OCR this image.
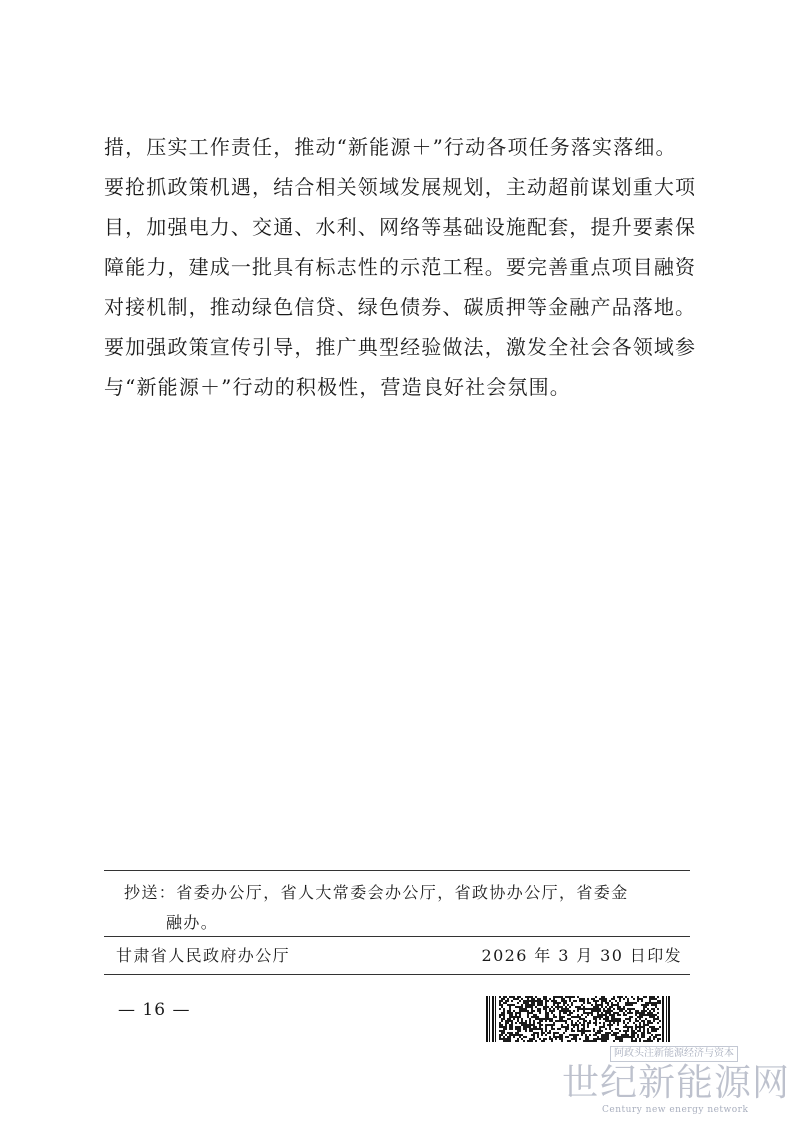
措，压实工作责任，推动“新能源＋”行动各项任务落实落细。
要抢抓政策机遇，结合相关领域发展规划，主动超前谋划重大项
目，加强电力、交通、水利、网络等基础设施配套，提升要素保
障能力，建成一批具有标志性的示范工程。要完善重点项目融资
对接机制，推动绿色信贷、绿色债券、碳质押等金融产品落地。
要加强政策宣传引导，推广典型经验做法，激发全社会各领域参
与“新能源＋”行动的积极性，营造良好社会氛围。
抄送：省委办公厅，省人大常委会办公厅，省政协办公厅，省委金
融办。
甘肃省人民政府办公厅	2026 年 3 月 30 日印发
— 16 —
阿政头注新能源经济与资本
世纪新能源网
Century new energy network
